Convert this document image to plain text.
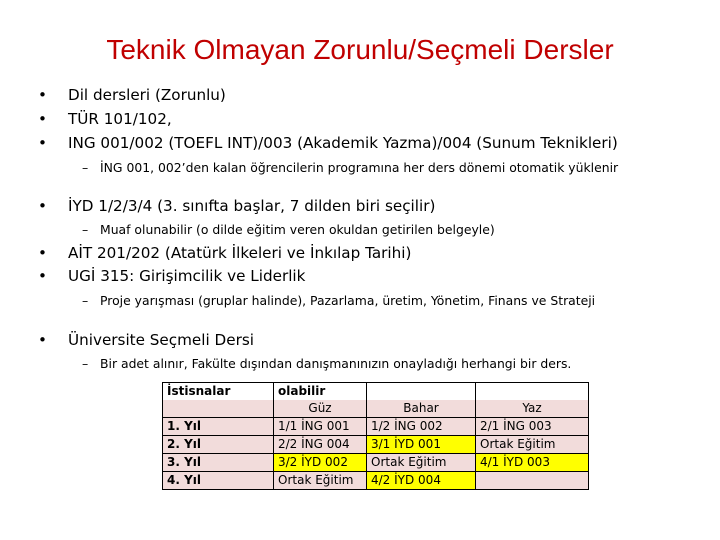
Teknik Olmayan Zorunlu/Seçmeli Dersler
• Dil dersleri (Zorunlu)
• TÜR 101/102,
• ING 001/002 (TOEFL INT)/003 (Akademik Yazma)/004 (Sunum Teknikleri)
– İNG 001, 002’den kalan öğrencilerin programına her ders dönemi otomatik yüklenir
• İYD 1/2/3/4 (3. sınıfta başlar, 7 dilden biri seçilir)
– Muaf olunabilir (o dilde eğitim veren okuldan getirilen belgeyle)
• AİT 201/202 (Atatürk İlkeleri ve İnkılap Tarihi)
• UGİ 315: Girişimcilik ve Liderlik
– Proje yarışması (gruplar halinde), Pazarlama, üretim, Yönetim, Finans ve Strateji
• Üniversite Seçmeli Dersi
– Bir adet alınır, Fakülte dışından danışmanınızın onayladığı herhangi bir ders.
İstisnalar	olabilir		
	Güz	Bahar	Yaz
1. Yıl	1/1 İNG 001	1/2 İNG 002	2/1 İNG 003
2. Yıl	2/2 İNG 004	3/1 İYD 001	Ortak Eğitim
3. Yıl	3/2 İYD 002	Ortak Eğitim	4/1 İYD 003
4. Yıl	Ortak Eğitim	4/2 İYD 004	
